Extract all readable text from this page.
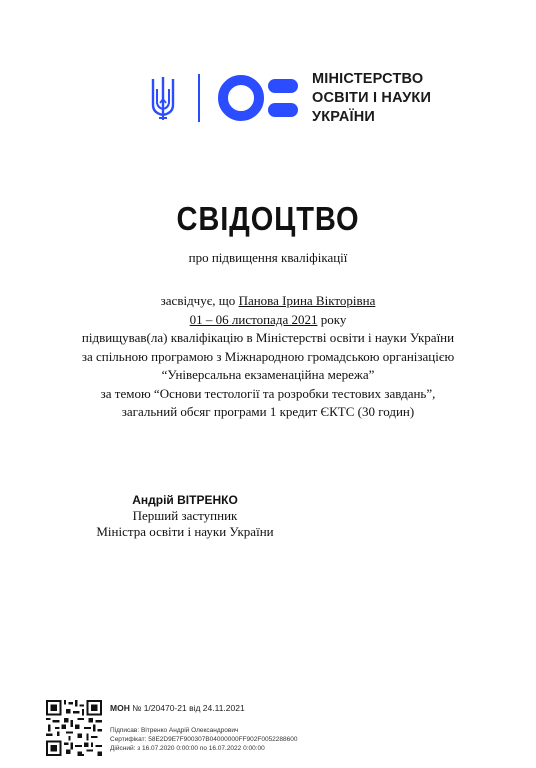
МІНІСТЕРСТВО
ОСВІТИ І НАУКИ
УКРАЇНИ
СВІДОЦТВО
про підвищення кваліфікації
засвідчує, що Панова Ірина Вікторівна
01 – 06 листопада 2021 року
підвищував(ла) кваліфікацію в Міністерстві освіти і науки України
за спільною програмою з Міжнародною громадською організацією
“Універсальна екзаменаційна мережа”
за темою “Основи тестології та розробки тестових завдань”,
загальний обсяг програми 1 кредит ЄКТС (30 годин)
Андрій ВІТРЕНКО
Перший заступник
Міністра освіти і науки України
МОН № 1/20470-21 від 24.11.2021
Підписав: Вітренко Андрій Олександрович
Сертифікат: 58E2D9E7F900307B04000000FF902F0052288600
Дійсний: з 16.07.2020 0:00:00 по 16.07.2022 0:00:00
